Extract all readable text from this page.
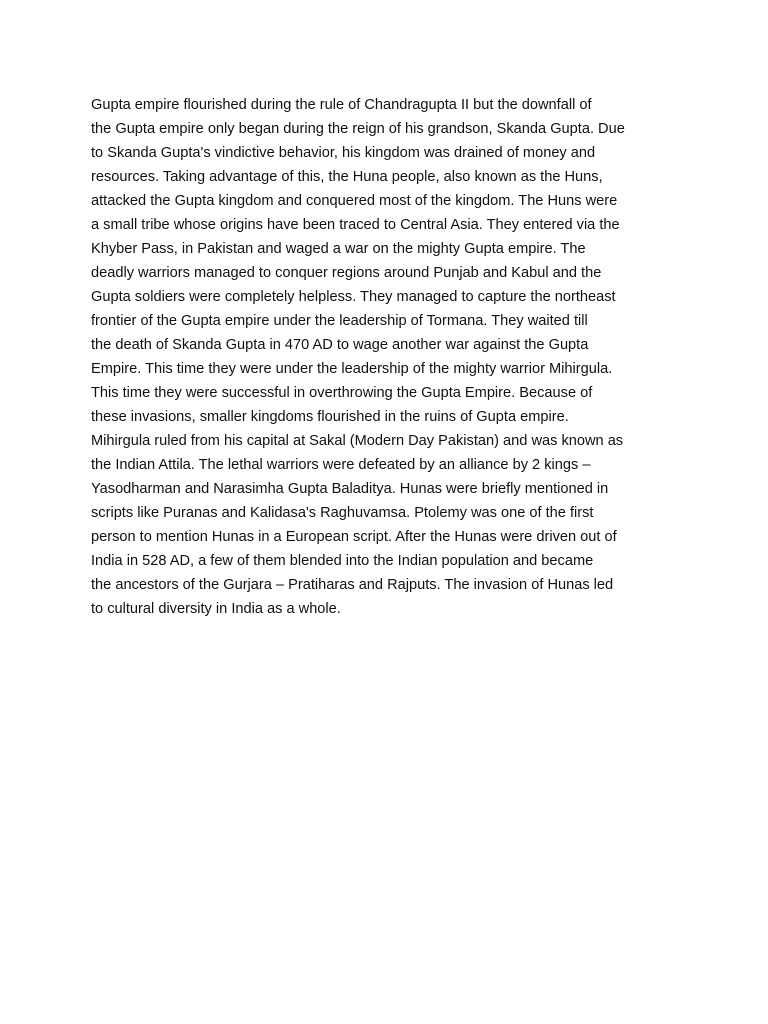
Gupta empire flourished during the rule of Chandragupta II but the downfall of
the Gupta empire only began during the reign of his grandson, Skanda Gupta. Due
to Skanda Gupta's vindictive behavior, his kingdom was drained of money and
resources. Taking advantage of this, the Huna people, also known as the Huns,
attacked the Gupta kingdom and conquered most of the kingdom. The Huns were
a small tribe whose origins have been traced to Central Asia. They entered via the
Khyber Pass, in Pakistan and waged a war on the mighty Gupta empire. The
deadly warriors managed to conquer regions around Punjab and Kabul and the
Gupta soldiers were completely helpless. They managed to capture the northeast
frontier of the Gupta empire under the leadership of Tormana. They waited till
the death of Skanda Gupta in 470 AD to wage another war against the Gupta
Empire. This time they were under the leadership of the mighty warrior Mihirgula.
This time they were successful in overthrowing the Gupta Empire. Because of
these invasions, smaller kingdoms flourished in the ruins of Gupta empire.
Mihirgula ruled from his capital at Sakal (Modern Day Pakistan) and was known as
the Indian Attila. The lethal warriors were defeated by an alliance by 2 kings –
Yasodharman and Narasimha Gupta Baladitya. Hunas were briefly mentioned in
scripts like Puranas and Kalidasa's Raghuvamsa. Ptolemy was one of the first
person to mention Hunas in a European script. After the Hunas were driven out of
India in 528 AD, a few of them blended into the Indian population and became
the ancestors of the Gurjara – Pratiharas and Rajputs. The invasion of Hunas led
to cultural diversity in India as a whole.
